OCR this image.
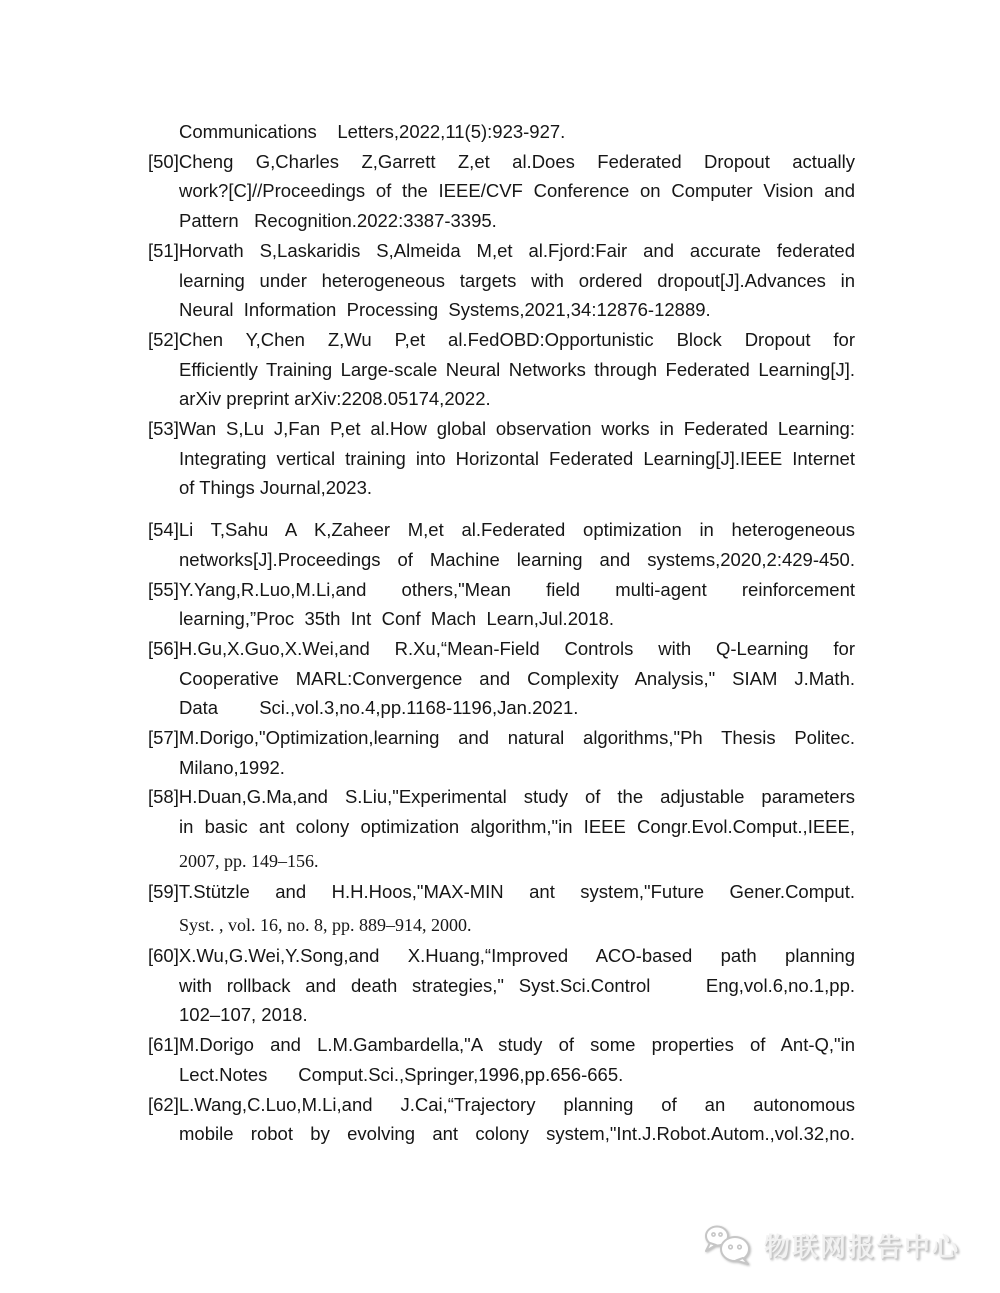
Communications    Letters,2022,11(5):923-927.
[50]Cheng G,Charles Z,Garrett Z,et al.Does Federated Dropout actually
work?[C]//Proceedings of the IEEE/CVF Conference on Computer Vision and
Pattern   Recognition.2022:3387-3395.
[51]Horvath S,Laskaridis S,Almeida M,et al.Fjord:Fair and accurate federated
learning under heterogeneous targets with ordered dropout[J].Advances in
Neural  Information  Processing  Systems,2021,34:12876-12889.
[52]Chen Y,Chen Z,Wu P,et al.FedOBD:Opportunistic Block Dropout for
Efficiently Training Large-scale Neural Networks through Federated Learning[J].
arXiv preprint arXiv:2208.05174,2022.
[53]Wan S,Lu J,Fan P,et al.How global observation works in Federated Learning:
Integrating vertical training into Horizontal Federated Learning[J].IEEE Internet
of Things Journal,2023.
[54]Li T,Sahu A K,Zaheer M,et al.Federated optimization in heterogeneous
networks[J].Proceedings of Machine learning and systems,2020,2:429-450.
[55]Y.Yang,R.Luo,M.Li,and others,"Mean field multi-agent reinforcement
learning,”Proc  35th  Int  Conf  Mach  Learn,Jul.2018.
[56]H.Gu,X.Guo,X.Wei,and R.Xu,“Mean-Field Controls with Q-Learning for
Cooperative MARL:Convergence and Complexity Analysis," SIAM J.Math.
Data        Sci.,vol.3,no.4,pp.1168-1196,Jan.2021.
[57]M.Dorigo,"Optimization,learning and natural algorithms,"Ph Thesis Politec.
Milano,1992.
[58]H.Duan,G.Ma,and S.Liu,"Experimental study of the adjustable parameters
in basic ant colony optimization algorithm,"in IEEE Congr.Evol.Comput.,IEEE,
2007, pp. 149–156.
[59]T.Stützle and H.H.Hoos,"MAX-MIN ant system,"Future Gener.Comput.
Syst. , vol. 16, no. 8, pp. 889–914, 2000.
[60]X.Wu,G.Wei,Y.Song,and X.Huang,“Improved ACO-based path planning
with rollback and death strategies," Syst.Sci.Control   Eng,vol.6,no.1,pp.
102–107, 2018.
[61]M.Dorigo and L.M.Gambardella,"A study of some properties of Ant-Q,"in
Lect.Notes      Comput.Sci.,Springer,1996,pp.656-665.
[62]L.Wang,C.Luo,M.Li,and J.Cai,“Trajectory planning of an autonomous
mobile robot by evolving ant colony system,"Int.J.Robot.Autom.,vol.32,no.
物联网报告中心
